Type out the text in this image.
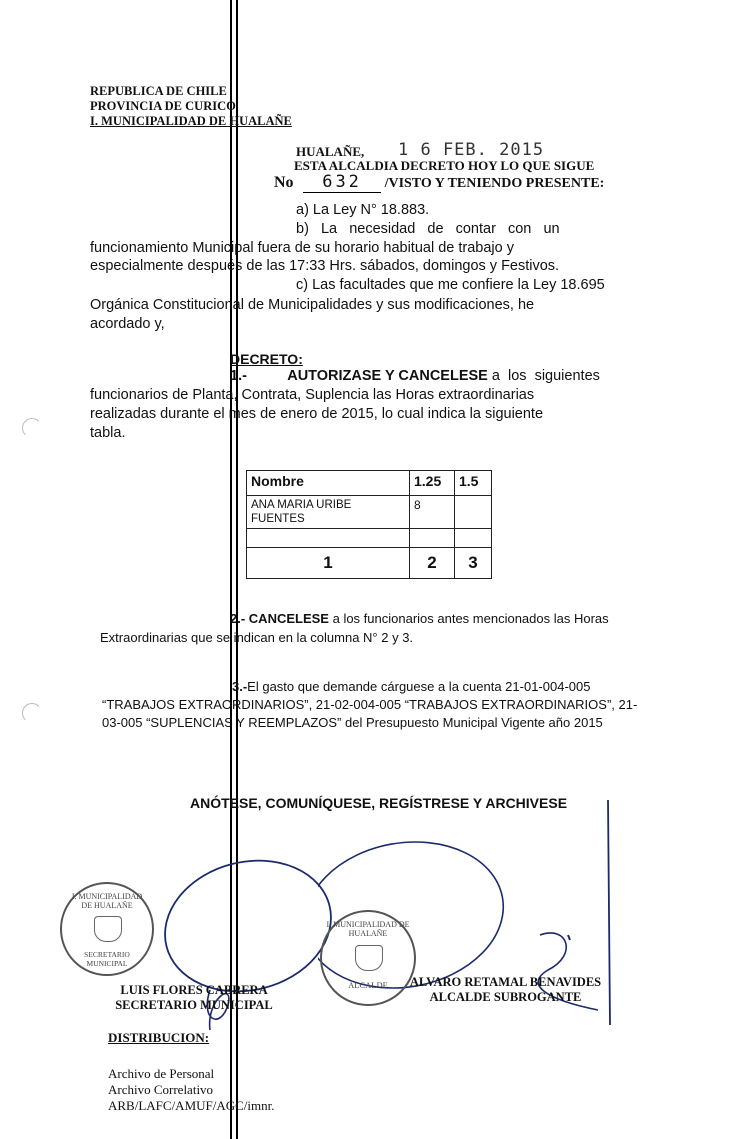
REPUBLICA DE CHILE
PROVINCIA DE CURICO
I. MUNICIPALIDAD DE HUALAÑE
HUALAÑE, 1 6 FEB. 2015
ESTA ALCALDIA DECRETO HOY LO QUE SIGUE
No 632 /VISTO Y TENIENDO PRESENTE:
a) La Ley N° 18.883.
b)   La   necesidad   de   contar   con   un
funcionamiento Municipal fuera de su horario habitual de trabajo y
especialmente después de las 17:33 Hrs. sábados, domingos y Festivos.
c) Las facultades que me confiere la Ley 18.695
Orgánica Constitucional de Municipalidades y sus modificaciones, he
acordado y,
DECRETO:
1.-	AUTORIZASE Y CANCELESE a  los  siguientes
funcionarios de Planta, Contrata, Suplencia las Horas extraordinarias
realizadas durante el mes de enero de 2015, lo cual indica la siguiente
tabla.
Nombre	1.25	1.5
ANA MARIA URIBE FUENTES	8	

1	2	3
2.- CANCELESE a los funcionarios antes mencionados las Horas
Extraordinarias que se indican en la columna N° 2 y 3.
3.-El gasto que demande cárguese a la cuenta 21-01-004-005
“TRABAJOS EXTRAORDINARIOS”, 21-02-004-005 “TRABAJOS EXTRAORDINARIOS”, 21-
03-005 “SUPLENCIAS Y REEMPLAZOS” del Presupuesto Municipal Vigente año 2015
ANÓTESE, COMUNÍQUESE, REGÍSTRESE Y ARCHIVESE
I. MUNICIPALIDAD DE HUALAÑE
SECRETARIO MUNICIPAL
I. MUNICIPALIDAD DE HUALAÑE
ALCALDE
LUIS FLORES CABRERA
SECRETARIO MUNICIPAL
ALVARO RETAMAL BENAVIDES
ALCALDE SUBROGANTE
DISTRIBUCION:
Archivo de Personal
Archivo Correlativo
ARB/LAFC/AMUF/AGC/imnr.
